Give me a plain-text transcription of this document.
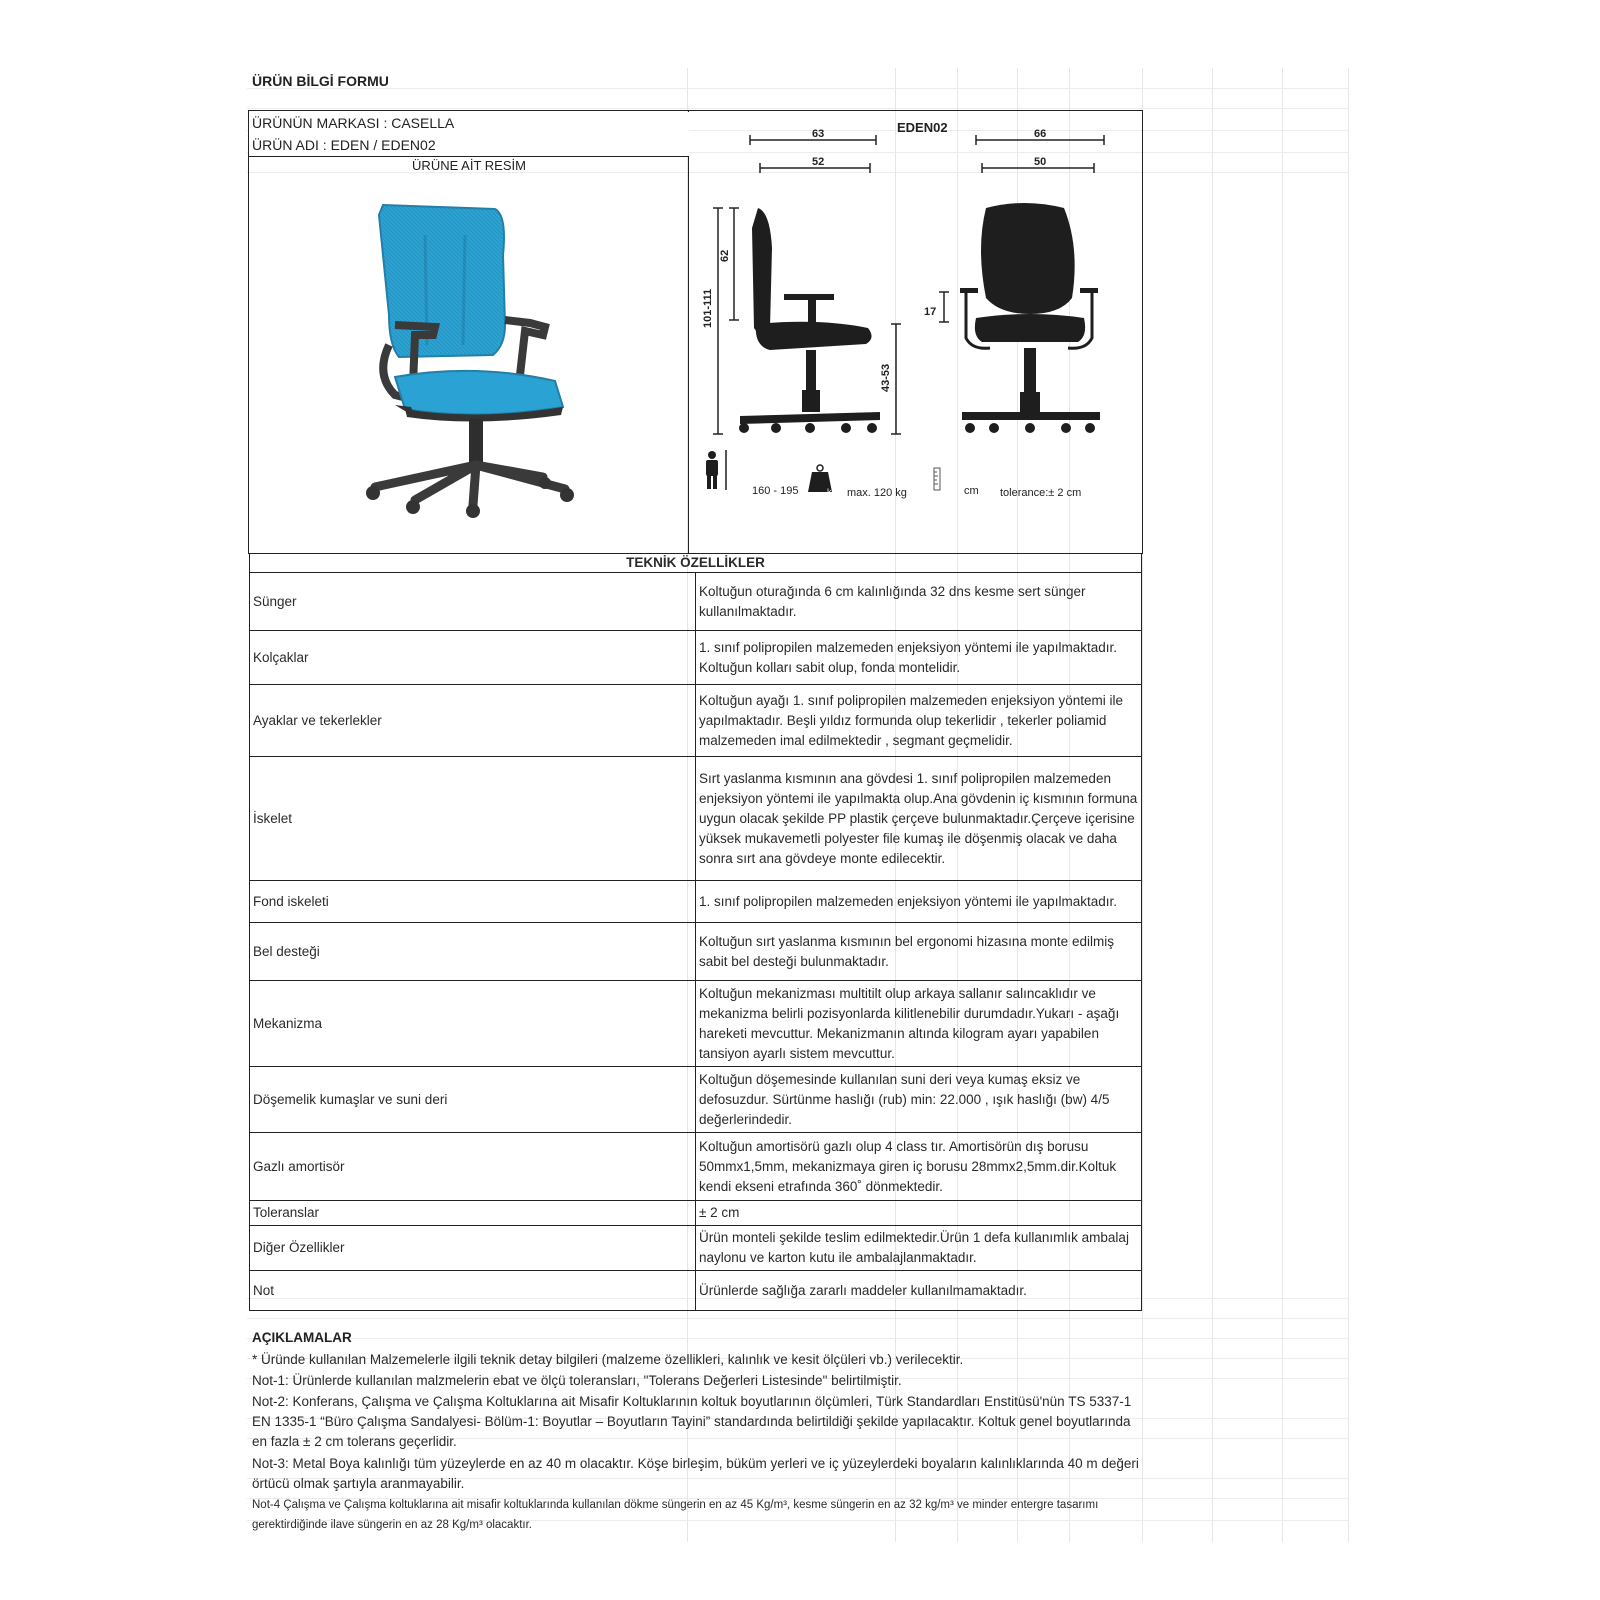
ÜRÜN BİLGİ FORMU
ÜRÜNÜN MARKASI : CASELLA
ÜRÜN ADI : EDEN / EDEN02
ÜRÜNE AİT RESİM
EDEN02
63
52
66
50
62
101-111
43-53
17
160 - 195	kg max. 120 kg	cm tolerance:± 2 cm
TEKNİK ÖZELLİKLER	
Sünger	Koltuğun oturağında 6 cm kalınlığında 32 dns kesme sert sünger kullanılmaktadır.
Kolçaklar	1. sınıf polipropilen malzemeden enjeksiyon yöntemi ile yapılmaktadır. Koltuğun kolları sabit olup, fonda montelidir.
Ayaklar ve tekerlekler	Koltuğun ayağı 1. sınıf polipropilen malzemeden enjeksiyon yöntemi ile yapılmaktadır. Beşli yıldız formunda olup tekerlidir , tekerler poliamid malzemeden imal edilmektedir , segmant geçmelidir.
İskelet	Sırt yaslanma kısmının ana gövdesi 1. sınıf polipropilen malzemeden enjeksiyon yöntemi ile yapılmakta olup.Ana gövdenin iç kısmının formuna uygun olacak şekilde PP plastik çerçeve bulunmaktadır.Çerçeve içerisine yüksek mukavemetli polyester file kumaş ile döşenmiş olacak ve daha sonra sırt ana gövdeye monte edilecektir.
Fond iskeleti	1. sınıf polipropilen malzemeden enjeksiyon yöntemi ile yapılmaktadır.
Bel desteği	Koltuğun sırt yaslanma kısmının bel ergonomi hizasına monte edilmiş sabit bel desteği bulunmaktadır.
Mekanizma	Koltuğun mekanizması multitilt olup arkaya sallanır salıncaklıdır ve mekanizma belirli pozisyonlarda kilitlenebilir durumdadır.Yukarı - aşağı hareketi mevcuttur. Mekanizmanın altında kilogram ayarı yapabilen tansiyon ayarlı sistem mevcuttur.
Döşemelik kumaşlar ve suni deri	Koltuğun döşemesinde kullanılan suni deri veya kumaş eksiz ve defosuzdur. Sürtünme haslığı (rub) min: 22.000 , ışık haslığı (bw) 4/5 değerlerindedir.
Gazlı amortisör	Koltuğun amortisörü gazlı olup 4 class tır. Amortisörün dış borusu 50mmx1,5mm, mekanizmaya giren iç borusu 28mmx2,5mm.dir.Koltuk kendi ekseni etrafında 360˚ dönmektedir.
Toleranslar	± 2 cm
Diğer Özellikler	Ürün monteli şekilde teslim edilmektedir.Ürün 1 defa kullanımlık ambalaj naylonu ve karton kutu ile ambalajlanmaktadır.
Not	Ürünlerde sağlığa zararlı maddeler kullanılmamaktadır.
AÇIKLAMALAR
* Üründe kullanılan Malzemelerle ilgili teknik detay bilgileri (malzeme özellikleri, kalınlık ve kesit ölçüleri vb.) verilecektir.
Not-1: Ürünlerde kullanılan malzmelerin ebat ve ölçü toleransları, "Tolerans Değerleri Listesinde" belirtilmiştir.
Not-2: Konferans, Çalışma ve Çalışma Koltuklarına ait Misafir Koltuklarının koltuk boyutlarının ölçümleri, Türk Standardları Enstitüsü'nün TS 5337-1 EN 1335-1 “Büro Çalışma Sandalyesi- Bölüm-1: Boyutlar – Boyutların Tayini” standardında belirtildiği şekilde yapılacaktır. Koltuk genel boyutlarında en fazla ± 2 cm tolerans geçerlidir.
Not-3: Metal Boya kalınlığı tüm yüzeylerde en az 40 m olacaktır. Köşe birleşim, büküm yerleri ve iç yüzeylerdeki boyaların kalınlıklarında 40 m değeri örtücü olmak şartıyla aranmayabilir.
Not-4 Çalışma ve Çalışma koltuklarına ait misafir koltuklarında kullanılan dökme süngerin en az 45 Kg/m³, kesme süngerin en az 32 kg/m³ ve minder entergre tasarımı gerektirdiğinde ilave süngerin en az 28 Kg/m³ olacaktır.
